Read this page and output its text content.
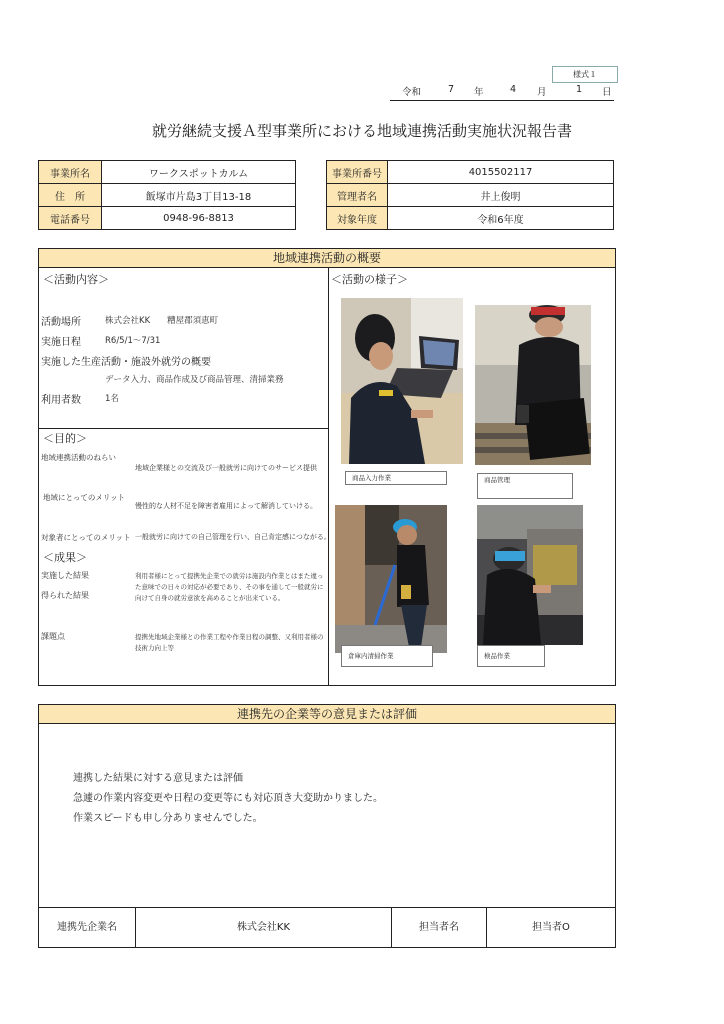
様式１
令和	7 年	4 月	1 日
就労継続支援Ａ型事業所における地域連携活動実施状況報告書
事業所名	ワークスポットカルム
住　所	飯塚市片島3丁目13-18
電話番号	0948-96-8813
事業所番号	4015502117
管理者名	井上俊明
対象年度	令和6年度
地域連携活動の概要
＜活動内容＞
活動場所	株式会社KK　　糟屋郡須恵町
実施日程	R6/5/1～7/31
実施した生産活動・施設外就労の概要
データ入力、商品作成及び商品管理、清掃業務
利用者数	1名
＜目的＞
地域連携活動のねらい
地域企業様との交流及び一般就労に向けてのサービス提供
地域にとってのメリット
慢性的な人材不足を障害者雇用によって解消していける。
対象者にとってのメリット 一般就労に向けての自己管理を行い、自己肯定感につながる。
＜成果＞
実施した結果
得られた結果
利用者様にとって提携先企業での就労は施設内作業とはまた違った意味での日々の対応が必要であり、その事を通して一般就労に向けて自身の就労意欲を高めることが出来ている。
課題点	提携先地域企業様との作業工程や作業日程の調整、又利用者様の技術力向上等
＜活動の様子＞
商品入力作業	商品管理
倉庫内清掃作業	検品作業
連携先の企業等の意見または評価
連携した結果に対する意見または評価
急遽の作業内容変更や日程の変更等にも対応頂き大変助かりました。
作業スピードも申し分ありませんでした。
連携先企業名	株式会社KK	担当者名	担当者O
